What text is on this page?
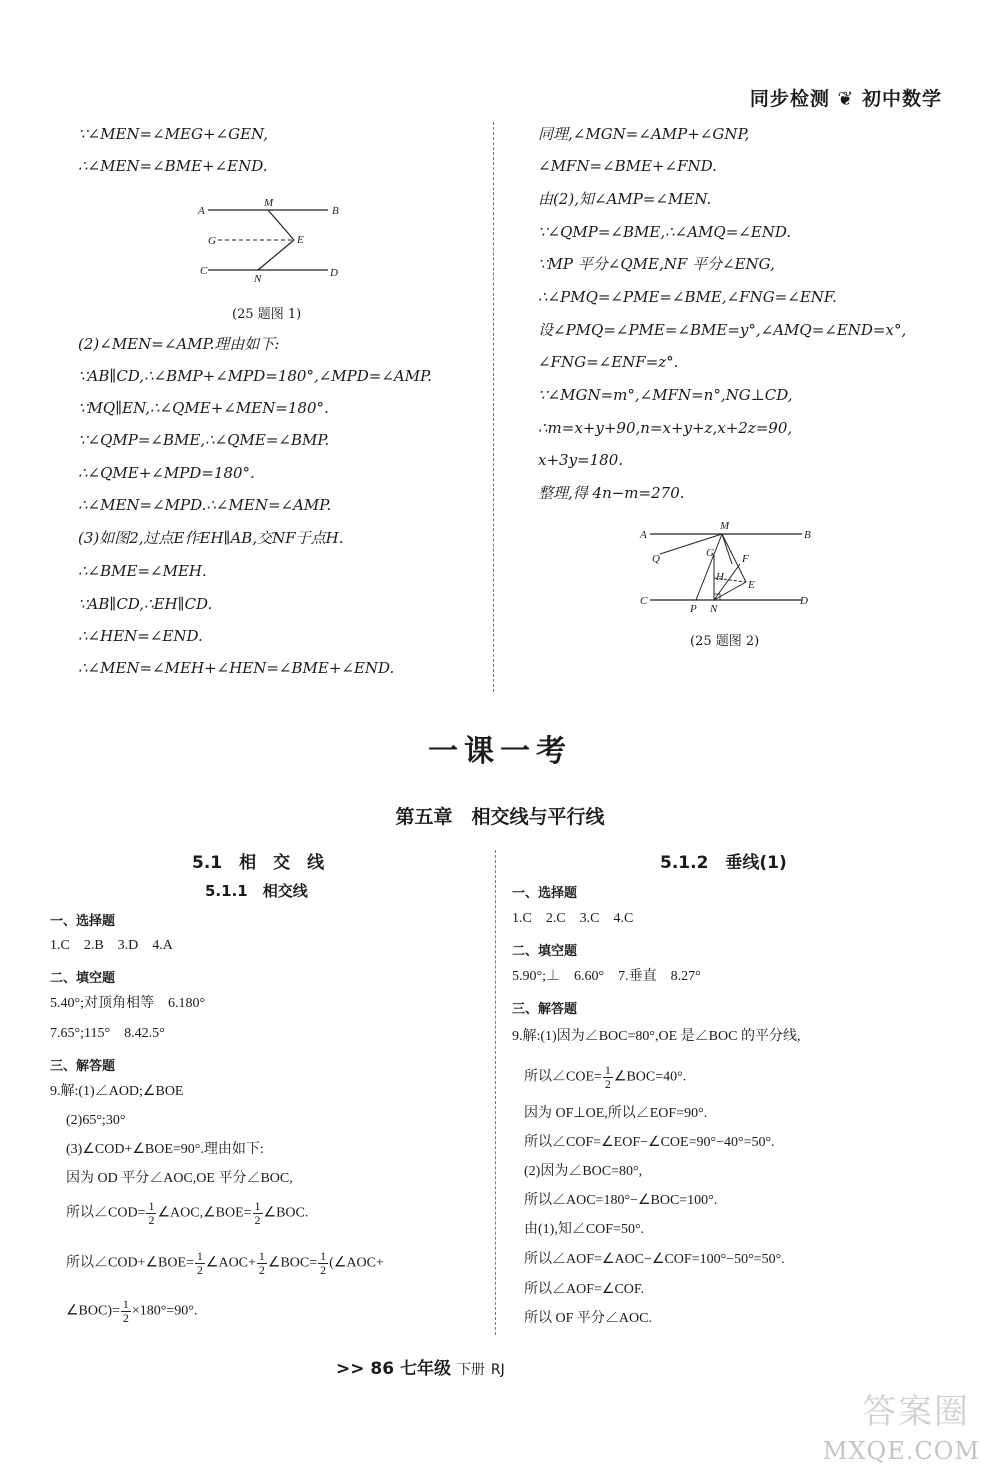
同步检测 ❦ 初中数学
∵∠MEN=∠MEG+∠GEN,
∴∠MEN=∠BME+∠END.
A
M
B
G	E
C
N	D
(25 题图 1)
(2)∠MEN=∠AMP.理由如下:
∵AB∥CD,∴∠BMP+∠MPD=180°,∠MPD=∠AMP.
∵MQ∥EN,∴∠QME+∠MEN=180°.
∵∠QMP=∠BME,∴∠QME=∠BMP.
∴∠QME+∠MPD=180°.
∴∠MEN=∠MPD.∴∠MEN=∠AMP.
(3)如图2,过点E作EH∥AB,交NF于点H.
∴∠BME=∠MEH.
∵AB∥CD,∴EH∥CD.
∴∠HEN=∠END.
∴∠MEN=∠MEH+∠HEN=∠BME+∠END.
同理,∠MGN=∠AMP+∠GNP,
∠MFN=∠BME+∠FND.
由(2),知∠AMP=∠MEN.
∵∠QMP=∠BME,∴∠AMQ=∠END.
∵MP 平分∠QME,NF 平分∠ENG,
∴∠PMQ=∠PME=∠BME,∠FNG=∠ENF.
设∠PMQ=∠PME=∠BME=y°,∠AMQ=∠END=x°,
∠FNG=∠ENF=z°.
∵∠MGN=m°,∠MFN=n°,NG⊥CD,
∴m=x+y+90,n=x+y+z,x+2z=90,
x+3y=180.
整理,得 4n−m=270.
A
M
B
Q	G	F
H
E
C
P N
D
(25 题图 2)
一课一考
第五章　相交线与平行线
5.1　相　交　线
5.1.1　相交线
一、选择题
1.C　2.B　3.D　4.A
二、填空题
5.40°;对顶角相等　6.180°
7.65°;115°　8.42.5°
三、解答题
9.解:(1)∠AOD;∠BOE
(2)65°;30°
(3)∠COD+∠BOE=90°.理由如下:
因为 OD 平分∠AOC,OE 平分∠BOC,
所以∠COD= $\frac{1}{2}$ ∠AOC,∠BOE= $\frac{1}{2}$ ∠BOC.
所以∠COD+∠BOE= $\frac{1}{2}$ ∠AOC+ $\frac{1}{2}$ ∠BOC= $\frac{1}{2}$ (∠AOC+
∠BOC)= $\frac{1}{2} \times 180^\circ=90^\circ$.
5.1.2　垂线(1)
一、选择题
1.C　2.C　3.C　4.C
二、填空题
5.90°;⊥　6.60°　7.垂直　8.27°
三、解答题
9.解:(1)因为∠BOC=80°,OE 是∠BOC 的平分线,
所以∠COE= $\frac{1}{2}$ ∠BOC=40°.
因为 OF⊥OE,所以∠EOF=90°.
所以∠COF=∠EOF−∠COE=90°−40°=50°.
(2)因为∠BOC=80°,
所以∠AOC=180°−∠BOC=100°.
由(1),知∠COF=50°.
所以∠AOF=∠AOC−∠COF=100°−50°=50°.
所以∠AOF=∠COF.
所以 OF 平分∠AOC.
>> 86 七年级 下册 RJ
答案圈
MXQE.COM
